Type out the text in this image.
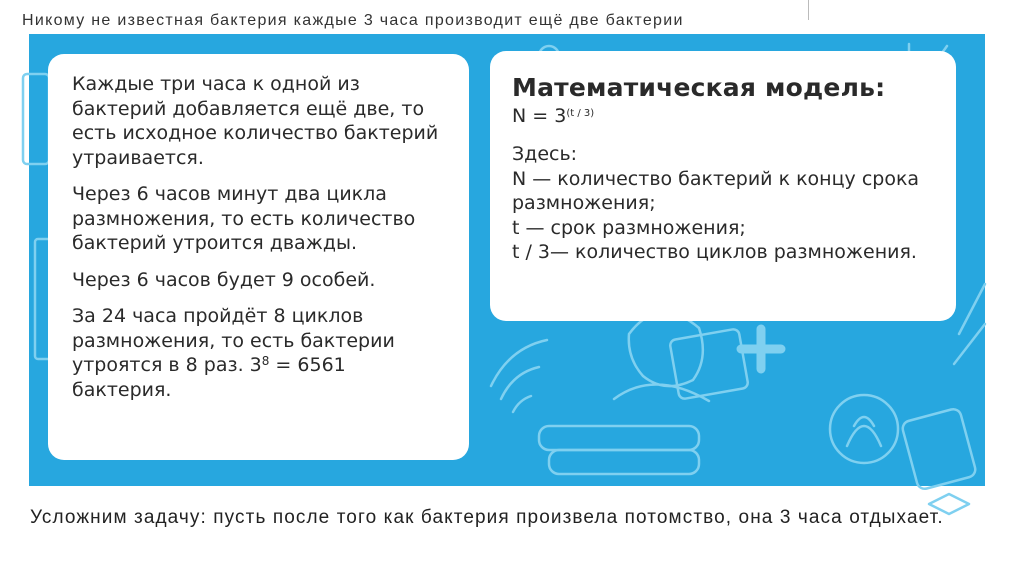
Никому не известная бактерия каждые 3 часа производит ещё две бактерии

Каждые три часа к одной из бактерий добавляется ещё две, то есть исходное количество бактерий утраивается.

Через 6 часов минут два цикла размножения, то есть количество бактерий утроится дважды.

Через 6 часов будет 9 особей.

За 24 часа пройдёт 8 циклов размножения, то есть бактерии утроятся в 8 раз. $3^8 = 6561$ бактерия.

Математическая модель:
$N = 3^{(t / 3)}$

Здесь:

N — количество бактерий к концу срока размножения;

t — срок размножения;

t / 3— количество циклов размножения.

Усложним задачу: пусть после того как бактерия произвела потомство, она 3 часа отдыхает.
